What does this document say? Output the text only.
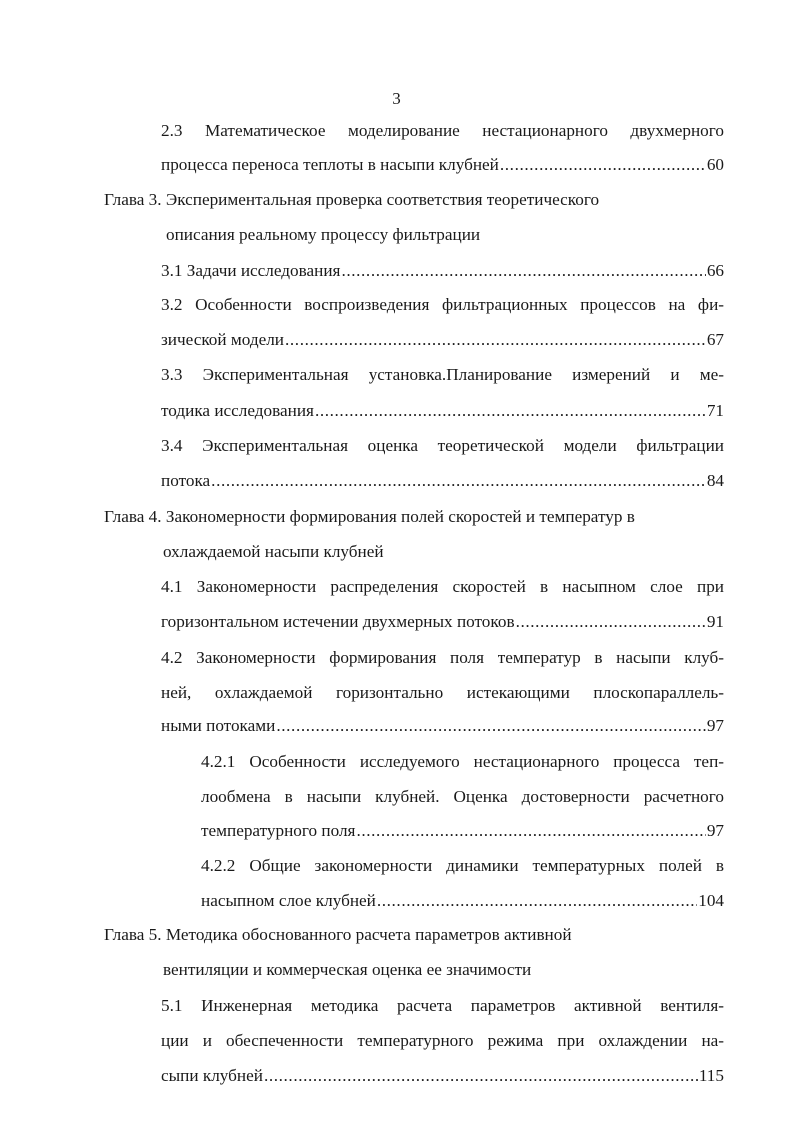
3
2.3 Математическое моделирование нестационарного двухмерного
процесса переноса теплоты в насыпи клубней .....	60
Глава 3. Экспериментальная проверка соответствия теоретического
описания реальному процессу фильтрации
3.1 Задачи исследования .....	66
3.2 Особенности воспроизведения фильтрационных процессов на фи-
зической модели .....	67
3.3 Экспериментальная установка.Планирование измерений и ме-
тодика исследования .....	71
3.4 Экспериментальная оценка теоретической модели фильтрации
потока .....	84
Глава 4. Закономерности формирования полей скоростей и температур в
охлаждаемой насыпи клубней
4.1 Закономерности распределения скоростей в насыпном слое при
горизонтальном истечении двухмерных потоков .....	91
4.2 Закономерности формирования поля температур в насыпи клуб-
ней, охлаждаемой горизонтально истекающими плоскопараллель-
ными потоками .....	97
4.2.1 Особенности исследуемого нестационарного процесса теп-
лообмена в насыпи клубней. Оценка достоверности расчетного
температурного поля .....	97
4.2.2 Общие закономерности динамики температурных полей в
насыпном слое клубней .....	104
Глава 5. Методика обоснованного расчета параметров активной
вентиляции и коммерческая оценка ее значимости
5.1 Инженерная методика расчета параметров активной вентиля-
ции и обеспеченности температурного режима при охлаждении на-
сыпи клубней .....	115
